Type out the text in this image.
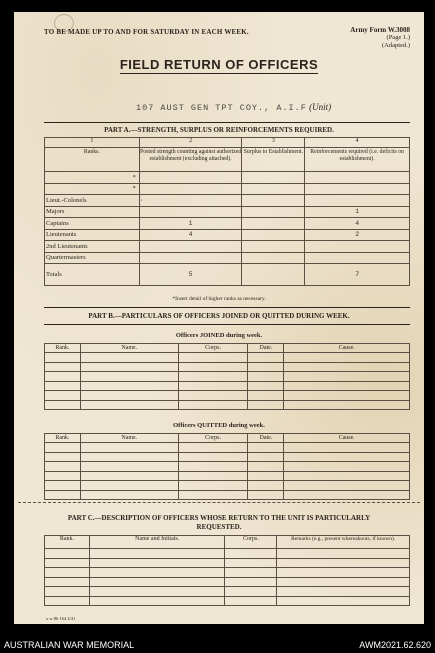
TO BE MADE UP TO AND FOR SATURDAY IN EACH WEEK.	Army Form W.3008
(Page 1.)
(Adapted.)
FIELD RETURN OF OFFICERS
107 AUST GEN TPT COY., A.I.F (Unit)
PART A.—STRENGTH, SURPLUS OR REINFORCEMENTS REQUIRED.
1	2	3	4
Ranks.	Posted strength counting against authorized establishment (excluding attached).	Surplus to Establishment.	Reinforcements required (i.e. deficits on establishment).
*			
*			
Lieut.-Colonels	·		
Majors			1
Captains	1		4
Lieutenants	4		2
2nd Lieutenants			
Quartermasters			
Totals	5		7
*Insert detail of higher ranks as necessary.
PART B.—PARTICULARS OF OFFICERS JOINED OR QUITTED DURING WEEK.
Officers JOINED during week.
Rank.	Name.	Corps.	Date.	Cause.

Officers QUITTED during week.
Rank.	Name.	Corps.	Date.	Cause.

PART C.—DESCRIPTION OF OFFICERS WHOSE RETURN TO THE UNIT IS PARTICULARLY
REQUESTED.
Rank.	Name and Initials.	Corps.	Remarks (e.g., present whereabouts, if known).

x w 86 164 2/41
AUSTRALIAN WAR MEMORIAL	AWM2021.62.620
